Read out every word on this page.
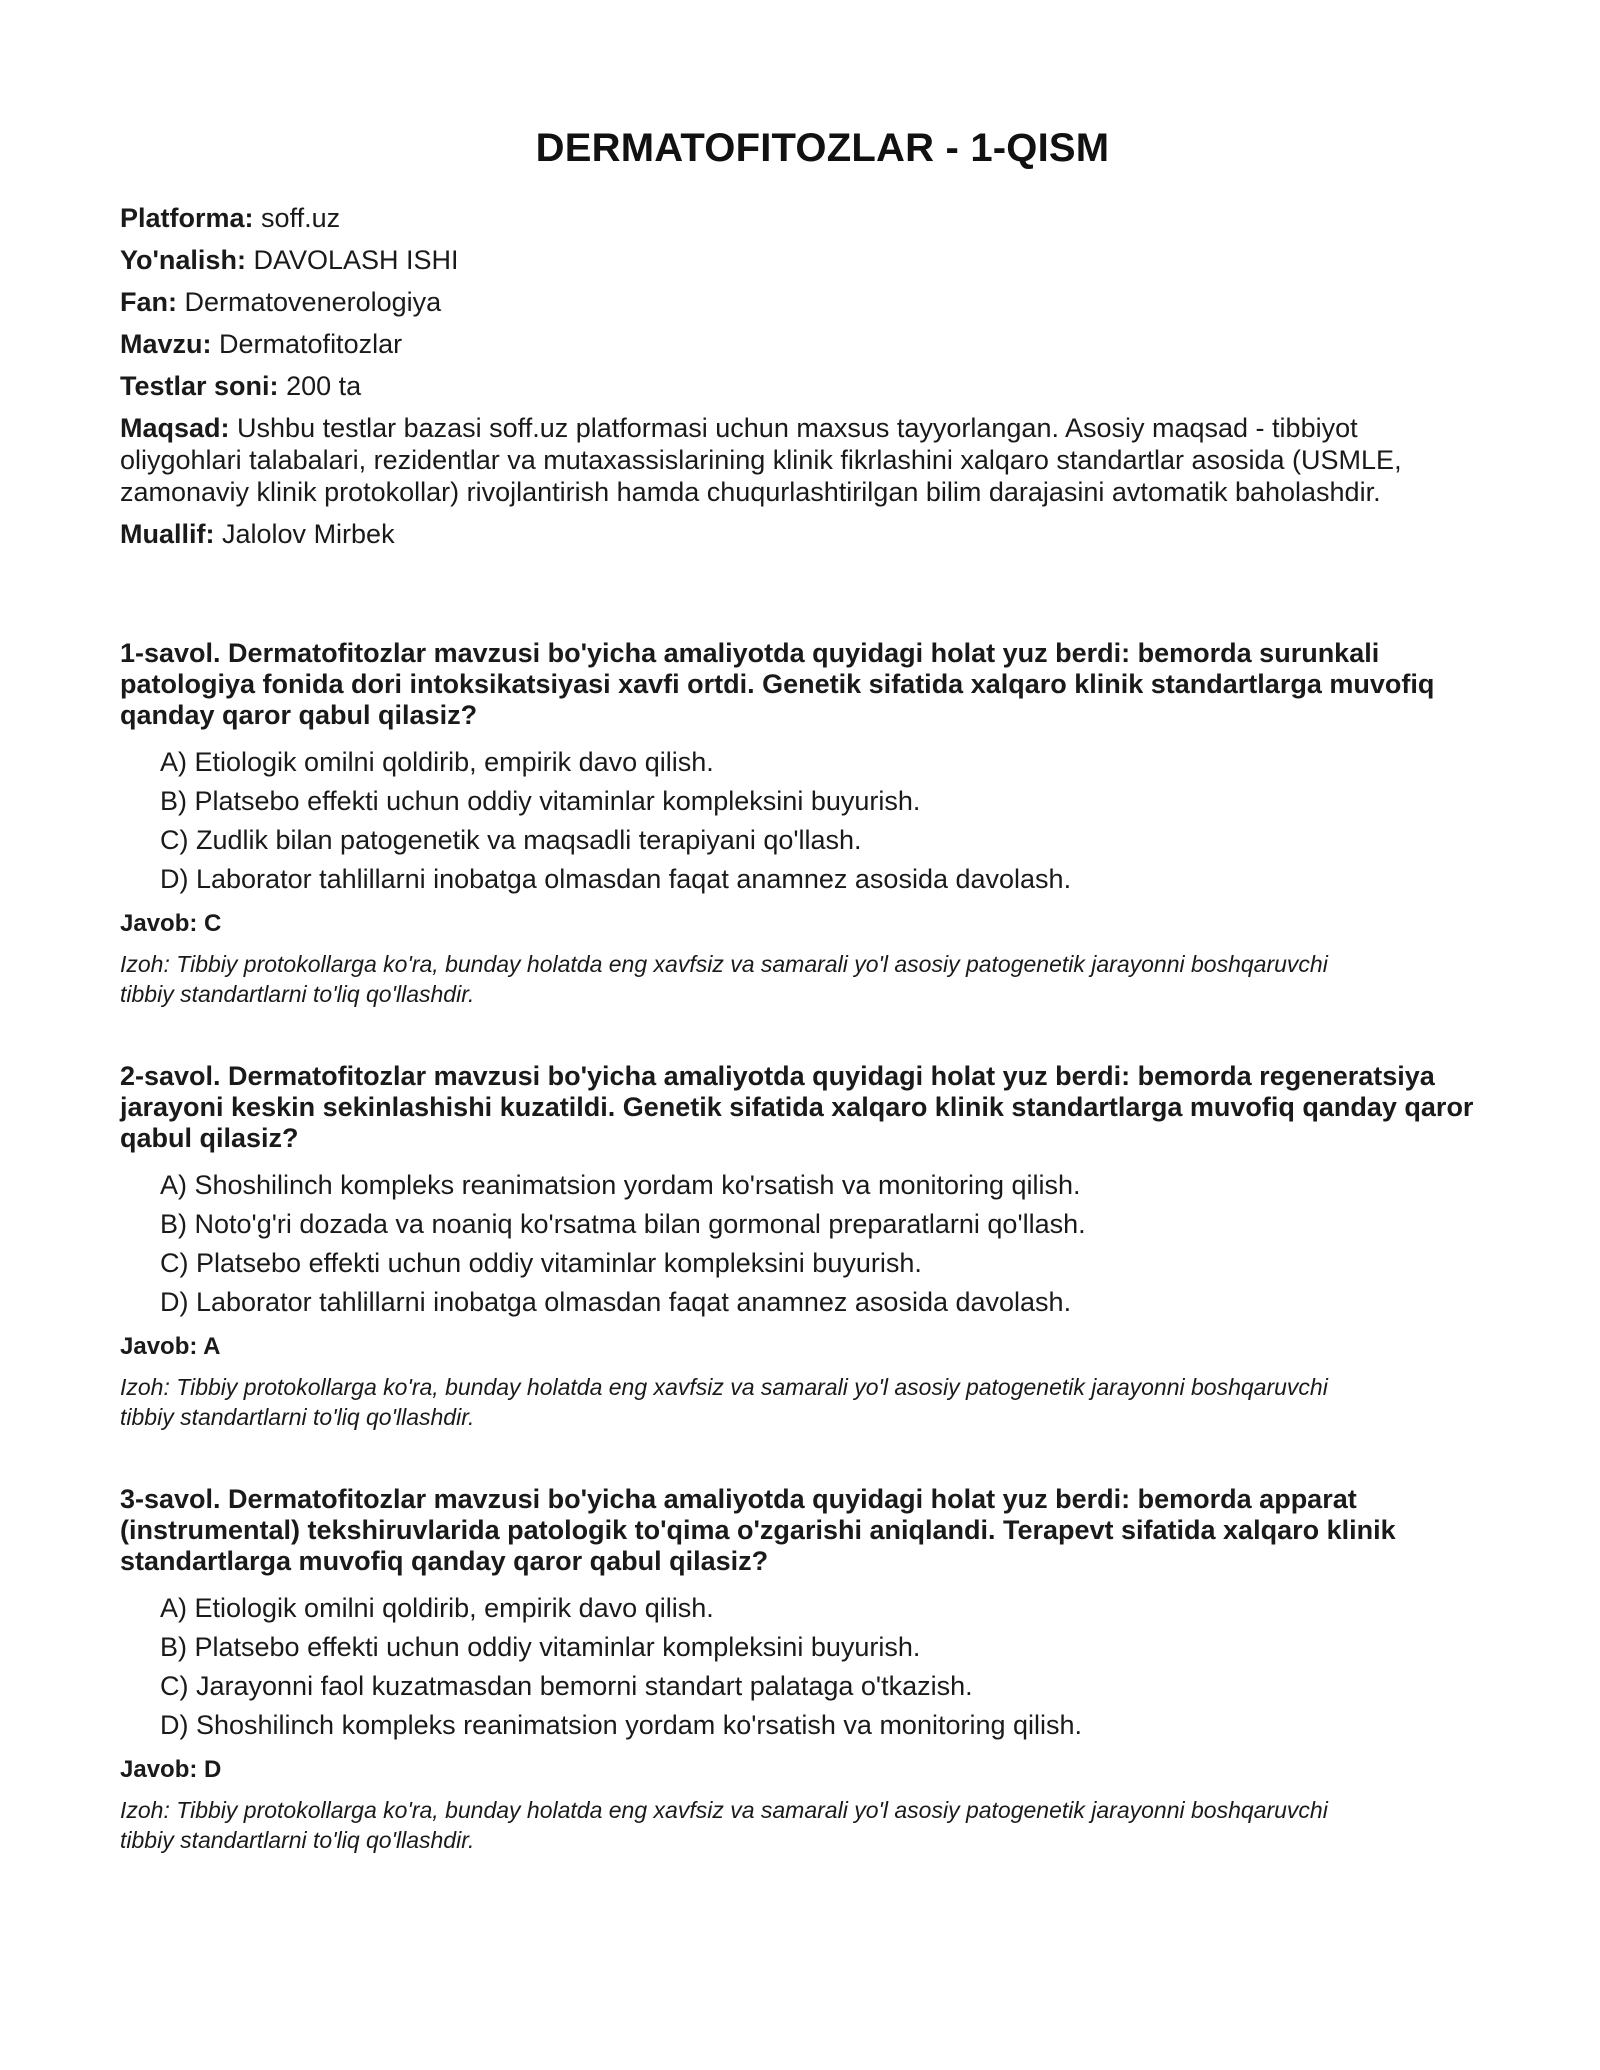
DERMATOFITOZLAR - 1-QISM
Platforma: soff.uz
Yo'nalish: DAVOLASH ISHI
Fan: Dermatovenerologiya
Mavzu: Dermatofitozlar
Testlar soni: 200 ta
Maqsad: Ushbu testlar bazasi soff.uz platformasi uchun maxsus tayyorlangan. Asosiy maqsad - tibbiyot oliygohlari talabalari, rezidentlar va mutaxassislarining klinik fikrlashini xalqaro standartlar asosida (USMLE, zamonaviy klinik protokollar) rivojlantirish hamda chuqurlashtirilgan bilim darajasini avtomatik baholashdir.
Muallif: Jalolov Mirbek
1-savol. Dermatofitozlar mavzusi bo'yicha amaliyotda quyidagi holat yuz berdi: bemorda surunkali patologiya fonida dori intoksikatsiyasi xavfi ortdi. Genetik sifatida xalqaro klinik standartlarga muvofiq qanday qaror qabul qilasiz?
A) Etiologik omilni qoldirib, empirik davo qilish.
B) Platsebo effekti uchun oddiy vitaminlar kompleksini buyurish.
C) Zudlik bilan patogenetik va maqsadli terapiyani qo'llash.
D) Laborator tahlillarni inobatga olmasdan faqat anamnez asosida davolash.
Javob: C
Izoh: Tibbiy protokollarga ko'ra, bunday holatda eng xavfsiz va samarali yo'l asosiy patogenetik jarayonni boshqaruvchi tibbiy standartlarni to'liq qo'llashdir.
2-savol. Dermatofitozlar mavzusi bo'yicha amaliyotda quyidagi holat yuz berdi: bemorda regeneratsiya jarayoni keskin sekinlashishi kuzatildi. Genetik sifatida xalqaro klinik standartlarga muvofiq qanday qaror qabul qilasiz?
A) Shoshilinch kompleks reanimatsion yordam ko'rsatish va monitoring qilish.
B) Noto'g'ri dozada va noaniq ko'rsatma bilan gormonal preparatlarni qo'llash.
C) Platsebo effekti uchun oddiy vitaminlar kompleksini buyurish.
D) Laborator tahlillarni inobatga olmasdan faqat anamnez asosida davolash.
Javob: A
Izoh: Tibbiy protokollarga ko'ra, bunday holatda eng xavfsiz va samarali yo'l asosiy patogenetik jarayonni boshqaruvchi tibbiy standartlarni to'liq qo'llashdir.
3-savol. Dermatofitozlar mavzusi bo'yicha amaliyotda quyidagi holat yuz berdi: bemorda apparat (instrumental) tekshiruvlarida patologik to'qima o'zgarishi aniqlandi. Terapevt sifatida xalqaro klinik standartlarga muvofiq qanday qaror qabul qilasiz?
A) Etiologik omilni qoldirib, empirik davo qilish.
B) Platsebo effekti uchun oddiy vitaminlar kompleksini buyurish.
C) Jarayonni faol kuzatmasdan bemorni standart palataga o'tkazish.
D) Shoshilinch kompleks reanimatsion yordam ko'rsatish va monitoring qilish.
Javob: D
Izoh: Tibbiy protokollarga ko'ra, bunday holatda eng xavfsiz va samarali yo'l asosiy patogenetik jarayonni boshqaruvchi tibbiy standartlarni to'liq qo'llashdir.
